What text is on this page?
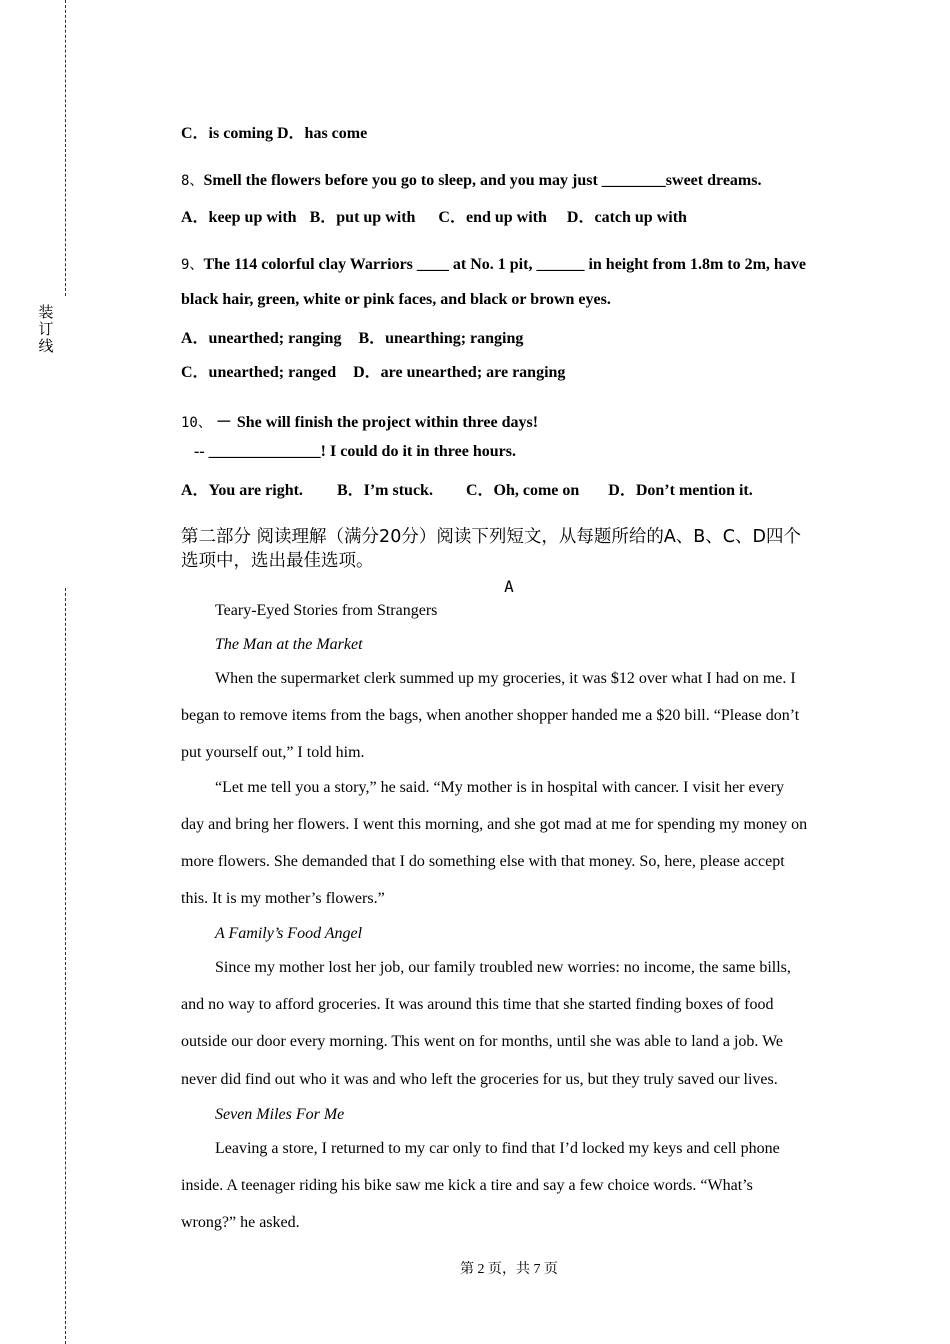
装
订
线
C．is coming D．has come
8、Smell the flowers before you go to sleep, and you may just ________sweet dreams.
A．keep up with B．put up with C．end up with D．catch up with
9、The 114 colorful clay Warriors ____ at No. 1 pit, ______ in height from 1.8m to 2m, have
black hair, green, white or pink faces, and black or brown eyes.
A．unearthed; ranging B．unearthing; ranging
C．unearthed; ranged D．are unearthed; are ranging
10、 － She will finish the project within three days!
-- ______________! I could do it in three hours.
A．You are right. B．I’m stuck. C．Oh, come on D．Don’t mention it.
第二部分 阅读理解（满分20分）阅读下列短文，从每题所给的A、B、C、D四个
选项中，选出最佳选项。
A
Teary-Eyed Stories from Strangers
The Man at the Market
When the supermarket clerk summed up my groceries, it was $12 over what I had on me. I
began to remove items from the bags, when another shopper handed me a $20 bill. “Please don’t
put yourself out,” I told him.
“Let me tell you a story,” he said. “My mother is in hospital with cancer. I visit her every
day and bring her flowers. I went this morning, and she got mad at me for spending my money on
more flowers. She demanded that I do something else with that money. So, here, please accept
this. It is my mother’s flowers.”
A Family’s Food Angel
Since my mother lost her job, our family troubled new worries: no income, the same bills,
and no way to afford groceries. It was around this time that she started finding boxes of food
outside our door every morning. This went on for months, until she was able to land a job. We
never did find out who it was and who left the groceries for us, but they truly saved our lives.
Seven Miles For Me
Leaving a store, I returned to my car only to find that I’d locked my keys and cell phone
inside. A teenager riding his bike saw me kick a tire and say a few choice words. “What’s
wrong?” he asked.
第 2 页，共 7 页
